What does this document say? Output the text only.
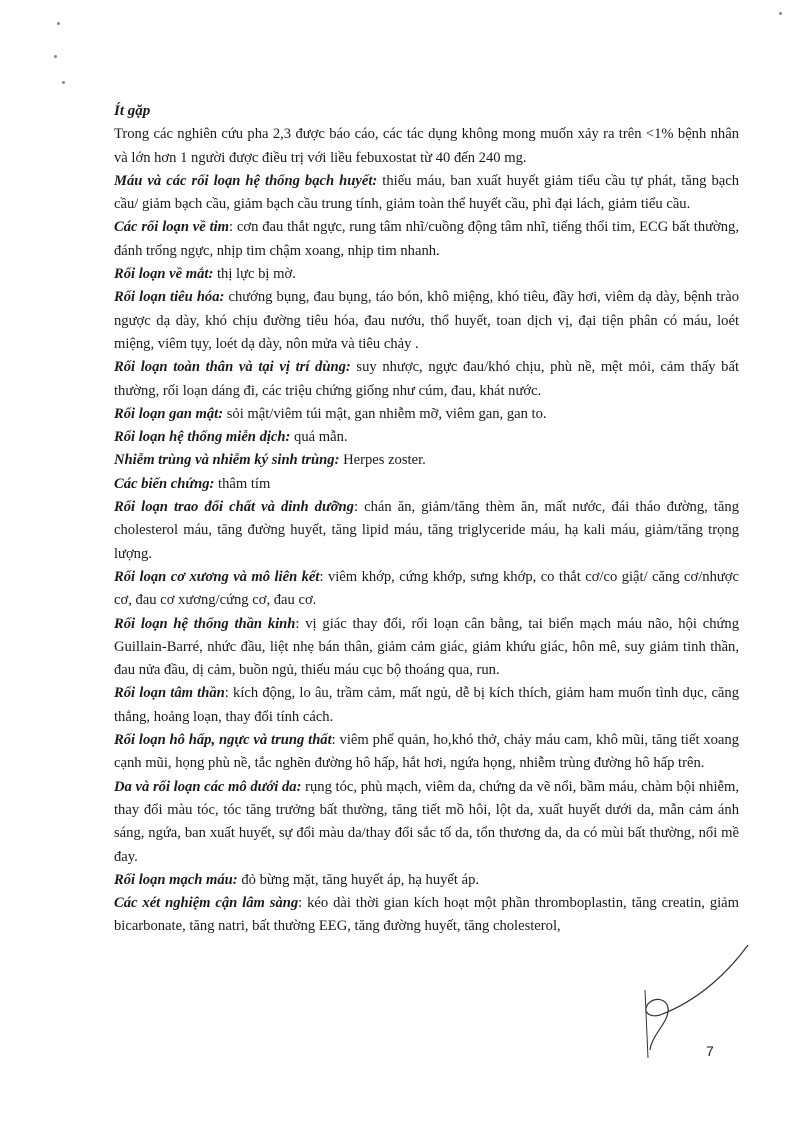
Ít gặp

Trong các nghiên cứu pha 2,3 được báo cáo, các tác dụng không mong muốn xảy ra trên <1% bệnh nhân và lớn hơn 1 người được điều trị với liều febuxostat từ 40 đến 240 mg.

Máu và các rối loạn hệ thống bạch huyết: thiếu máu, ban xuất huyết giảm tiểu cầu tự phát, tăng bạch cầu/ giảm bạch cầu, giảm bạch cầu trung tính, giảm toàn thể huyết cầu, phì đại lách, giảm tiểu cầu.

Các rối loạn về tim: cơn đau thắt ngực, rung tâm nhĩ/cuồng động tâm nhĩ, tiếng thổi tim, ECG bất thường, đánh trống ngực, nhịp tim chậm xoang, nhịp tim nhanh.

Rối loạn về mắt: thị lực bị mờ.

Rối loạn tiêu hóa: chướng bụng, đau bụng, táo bón, khô miệng, khó tiêu, đầy hơi, viêm dạ dày, bệnh trào ngược dạ dày, khó chịu đường tiêu hóa, đau nướu, thổ huyết, toan dịch vị, đại tiện phân có máu, loét miệng, viêm tụy, loét dạ dày, nôn mửa và tiêu chảy .

Rối loạn toàn thân và tại vị trí dùng: suy nhược, ngực đau/khó chịu, phù nề, mệt mỏi, cảm thấy bất thường, rối loạn dáng đi, các triệu chứng giống như cúm, đau, khát nước.

Rối loạn gan mật: sỏi mật/viêm túi mật, gan nhiễm mỡ, viêm gan, gan to.

Rối loạn hệ thống miễn dịch: quá mẫn.

Nhiễm trùng và nhiễm ký sinh trùng: Herpes zoster.

Các biến chứng: thâm tím

Rối loạn trao đổi chất và dinh dưỡng: chán ăn, giảm/tăng thèm ăn, mất nước, đái tháo đường, tăng cholesterol máu, tăng đường huyết, tăng lipid máu, tăng triglyceride máu, hạ kali máu, giảm/tăng trọng lượng.

Rối loạn cơ xương và mô liên kết: viêm khớp, cứng khớp, sưng khớp, co thắt cơ/co giật/ căng cơ/nhược cơ, đau cơ xương/cứng cơ, đau cơ.

Rối loạn hệ thống thần kinh: vị giác thay đổi, rối loạn cân bằng, tai biến mạch máu não, hội chứng Guillain-Barré, nhức đầu, liệt nhẹ bán thân, giảm cảm giác, giảm khứu giác, hôn mê, suy giảm tinh thần, đau nửa đầu, dị cảm, buồn ngủ, thiếu máu cục bộ thoáng qua, run.

Rối loạn tâm thần: kích động, lo âu, trầm cảm, mất ngủ, dễ bị kích thích, giảm ham muốn tình dục, căng thẳng, hoảng loạn, thay đổi tính cách.

Rối loạn hô hấp, ngực và trung thất: viêm phế quản, ho,khó thở, chảy máu cam, khô mũi, tăng tiết xoang cạnh mũi, họng phù nề, tắc nghẽn đường hô hấp, hắt hơi, ngứa họng, nhiễm trùng đường hô hấp trên.

Da và rối loạn các mô dưới da: rụng tóc, phù mạch, viêm da, chứng da vẽ nổi, bầm máu, chàm bội nhiễm, thay đổi màu tóc, tóc tăng trưởng bất thường, tăng tiết mồ hôi, lột da, xuất huyết dưới da, mẫn cảm ánh sáng, ngứa, ban xuất huyết, sự đổi màu da/thay đổi sắc tố da, tổn thương da, da có mùi bất thường, nổi mề đay.

Rối loạn mạch máu: đỏ bừng mặt, tăng huyết áp, hạ huyết áp.

Các xét nghiệm cận lâm sàng: kéo dài thời gian kích hoạt một phần thromboplastin, tăng creatin, giảm bicarbonate, tăng natri, bất thường EEG, tăng đường huyết, tăng cholesterol,

7
